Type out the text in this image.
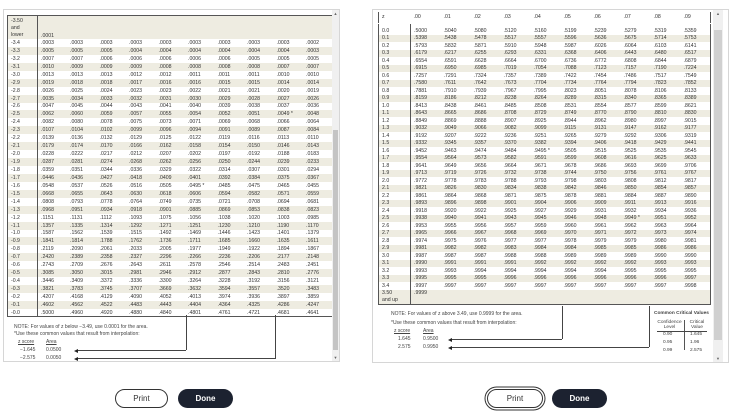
-3.50
and
lower	.0001									
-3.4	.0003	.0003	.0003	.0003	.0003	.0003	.0003	.0003	.0003	.0002
-3.3	.0005	.0005	.0005	.0004	.0004	.0004	.0004	.0004	.0004	.0003
-3.2	.0007	.0007	.0006	.0006	.0006	.0006	.0006	.0005	.0005	.0005
-3.1	.0010	.0009	.0009	.0009	.0008	.0008	.0008	.0008	.0007	.0007
-3.0	.0013	.0013	.0013	.0012	.0012	.0011	.0011	.0011	.0010	.0010
-2.9	.0019	.0018	.0018	.0017	.0016	.0016	.0015	.0015	.0014	.0014
-2.8	.0026	.0025	.0024	.0023	.0023	.0022	.0021	.0021	.0020	.0019
-2.7	.0035	.0034	.0033	.0032	.0031	.0030	.0029	.0028	.0027	.0026
-2.6	.0047	.0045	.0044	.0043	.0041	.0040	.0039	.0038	.0037	.0036
-2.5	.0062	.0060	.0059	.0057	.0055	.0054	.0052	.0051	.0049 *	.0048
-2.4	.0082	.0080	.0078	.0075	.0073	.0071	.0069	.0068	.0066	.0064
-2.3	.0107	.0104	.0102	.0099	.0096	.0094	.0091	.0089	.0087	.0084
-2.2	.0139	.0136	.0132	.0129	.0125	.0122	.0119	.0116	.0113	.0110
-2.1	.0179	.0174	.0170	.0166	.0162	.0158	.0154	.0150	.0146	.0143
-2.0	.0228	.0222	.0217	.0212	.0207	.0202	.0197	.0192	.0188	.0183
-1.9	.0287	.0281	.0274	.0268	.0262	.0256	.0250	.0244	.0239	.0233
-1.8	.0359	.0351	.0344	.0336	.0329	.0322	.0314	.0307	.0301	.0294
-1.7	.0446	.0436	.0427	.0418	.0409	.0401	.0392	.0384	.0375	.0367
-1.6	.0548	.0537	.0526	.0516	.0505	.0495 *	.0485	.0475	.0465	.0455
-1.5	.0668	.0655	.0643	.0630	.0618	.0606	.0594	.0582	.0571	.0559
-1.4	.0808	.0793	.0778	.0764	.0749	.0735	.0721	.0708	.0694	.0681
-1.3	.0968	.0951	.0934	.0918	.0901	.0885	.0869	.0853	.0838	.0823
-1.2	.1151	.1131	.1112	.1093	.1075	.1056	.1038	.1020	.1003	.0985
-1.1	.1357	.1335	.1314	.1292	.1271	.1251	.1230	.1210	.1190	.1170
-1.0	.1587	.1562	.1539	.1515	.1492	.1469	.1446	.1423	.1401	.1379
-0.9	.1841	.1814	.1788	.1762	.1736	.1711	.1685	.1660	.1635	.1611
-0.8	.2119	.2090	.2061	.2033	.2005	.1977	.1949	.1922	.1894	.1867
-0.7	.2420	.2389	.2358	.2327	.2296	.2266	.2236	.2206	.2177	.2148
-0.6	.2743	.2709	.2676	.2643	.2611	.2578	.2546	.2514	.2483	.2451
-0.5	.3085	.3050	.3015	.2981	.2946	.2912	.2877	.2843	.2810	.2776
-0.4	.3446	.3409	.3372	.3336	.3300	.3264	.3228	.3192	.3156	.3121
-0.3	.3821	.3783	.3745	.3707	.3669	.3632	.3594	.3557	.3520	.3483
-0.2	.4207	.4168	.4129	.4090	.4052	.4013	.3974	.3936	.3897	.3859
-0.1	.4602	.4562	.4522	.4483	.4443	.4404	.4364	.4325	.4286	.4247
-0.0	.5000	.4960	.4920	.4880	.4840	.4801	.4761	.4721	.4681	.4641
NOTE: For values of z below −3.49, use 0.0001 for the area.
*Use these common values that result from interpolation:
z score Area
−1.645 0.0500
−2.575 0.0050
▲
▼
z	.00	.01	.02	.03	.04	.05	.06	.07	.08	.09

0.0	.5000	.5040	.5080	.5120	.5160	.5199	.5239	.5279	.5319	.5359
0.1	.5398	.5438	.5478	.5517	.5557	.5596	.5636	.5675	.5714	.5753
0.2	.5793	.5832	.5871	.5910	.5948	.5987	.6026	.6064	.6103	.6141
0.3	.6179	.6217	.6255	.6293	.6331	.6368	.6406	.6443	.6480	.6517
0.4	.6554	.6591	.6628	.6664	.6700	.6736	.6772	.6808	.6844	.6879
0.5	.6915	.6950	.6985	.7019	.7054	.7088	.7123	.7157	.7190	.7224
0.6	.7257	.7291	.7324	.7357	.7389	.7422	.7454	.7486	.7517	.7549
0.7	.7580	.7611	.7642	.7673	.7704	.7734	.7764	.7794	.7823	.7852
0.8	.7881	.7910	.7939	.7967	.7995	.8023	.8051	.8078	.8106	.8133
0.9	.8159	.8186	.8212	.8238	.8264	.8289	.8315	.8340	.8365	.8389
1.0	.8413	.8438	.8461	.8485	.8508	.8531	.8554	.8577	.8599	.8621
1.1	.8643	.8665	.8686	.8708	.8729	.8749	.8770	.8790	.8810	.8830
1.2	.8849	.8869	.8888	.8907	.8925	.8944	.8962	.8980	.8997	.9015
1.3	.9032	.9049	.9066	.9082	.9099	.9115	.9131	.9147	.9162	.9177
1.4	.9192	.9207	.9222	.9236	.9251	.9265	.9279	.9292	.9306	.9319
1.5	.9332	.9345	.9357	.9370	.9382	.9394	.9406	.9418	.9429	.9441
1.6	.9452	.9463	.9474	.9484	.9495 *	.9505	.9515	.9525	.9535	.9545
1.7	.9554	.9564	.9573	.9582	.9591	.9599	.9608	.9616	.9625	.9633
1.8	.9641	.9649	.9656	.9664	.9671	.9678	.9686	.9693	.9699	.9706
1.9	.9713	.9719	.9726	.9732	.9738	.9744	.9750	.9756	.9761	.9767
2.0	.9772	.9778	.9783	.9788	.9793	.9798	.9803	.9808	.9812	.9817
2.1	.9821	.9826	.9830	.9834	.9838	.9842	.9846	.9850	.9854	.9857
2.2	.9861	.9864	.9868	.9871	.9875	.9878	.9881	.9884	.9887	.9890
2.3	.9893	.9896	.9898	.9901	.9904	.9906	.9909	.9911	.9913	.9916
2.4	.9918	.9920	.9922	.9925	.9927	.9929	.9931	.9932	.9934	.9936
2.5	.9938	.9940	.9941	.9943	.9945	.9946	.9948	.9949 *	.9951	.9952
2.6	.9953	.9955	.9956	.9957	.9959	.9960	.9961	.9962	.9963	.9964
2.7	.9965	.9966	.9967	.9968	.9969	.9970	.9971	.9972	.9973	.9974
2.8	.9974	.9975	.9976	.9977	.9977	.9978	.9979	.9979	.9980	.9981
2.9	.9981	.9982	.9982	.9983	.9984	.9984	.9985	.9985	.9986	.9986
3.0	.9987	.9987	.9987	.9988	.9988	.9989	.9989	.9989	.9990	.9990
3.1	.9990	.9991	.9991	.9991	.9992	.9992	.9992	.9992	.9993	.9993
3.2	.9993	.9993	.9994	.9994	.9994	.9994	.9994	.9995	.9995	.9995
3.3	.9995	.9995	.9995	.9996	.9996	.9996	.9996	.9996	.9996	.9997
3.4	.9997	.9997	.9997	.9997	.9997	.9997	.9997	.9997	.9997	.9998

3.50
and up	.9999									
NOTE: For values of z above 3.49, use 0.9999 for the area.
*Use these common values that result from interpolation:
z score	Area
1.645 0.9500
2.575 0.9950
Common Critical Values
Confidence Level
Critical Value
0.90	1.645
0.95	1.96
0.99	2.575
▲
▼
Print	Done	Print	Done
